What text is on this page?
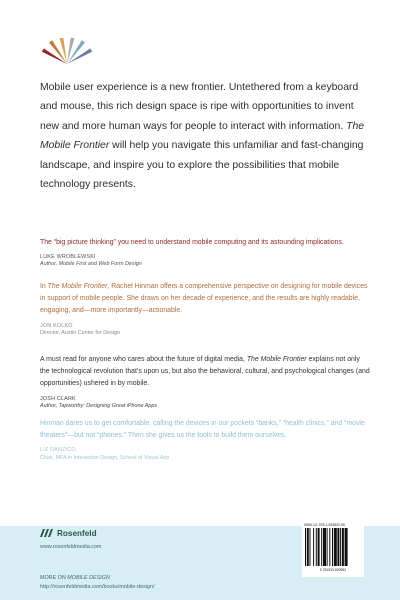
Mobile user experience is a new frontier. Untethered from a keyboard and mouse, this rich design space is ripe with opportunities to invent new and more human ways for people to interact with information. The Mobile Frontier will help you navigate this unfamiliar and fast-changing landscape, and inspire you to explore the possibilities that mobile technology presents.

The “big picture thinking” you need to understand mobile computing and its astounding implications.

LUKE WROBLEWSKI

Author, Mobile First and Web Form Design

In The Mobile Frontier, Rachel Hinman offers a comprehensive perspective on designing for mobile devices in support of mobile people. She draws on her decade of experience, and the results are highly readable, engaging, and—more importantly—actionable.

JON KOLKO

Director, Austin Center for Design

A must read for anyone who cares about the future of digital media, The Mobile Frontier explains not only the technological revolution that’s upon us, but also the behavioral, cultural, and psychological changes (and opportunities) ushered in by mobile.

JOSH CLARK

Author, Tapworthy: Designing Great iPhone Apps

Hinman dares us to get comfortable, calling the devices in our pockets “banks,” “health clinics,” and “movie theaters”—but not “phones.” Then she gives us the tools to build them ourselves.

LIZ DANZICO

Chair, MFA in Interaction Design, School of Visual Arts

Rosenfeld

www.rosenfeldmedia.com

MORE ON MOBILE DESIGN

http://rosenfeldmedia.com/books/mobile-design/

ISBN-13: 978-1-933820-55
9 781933 820552
